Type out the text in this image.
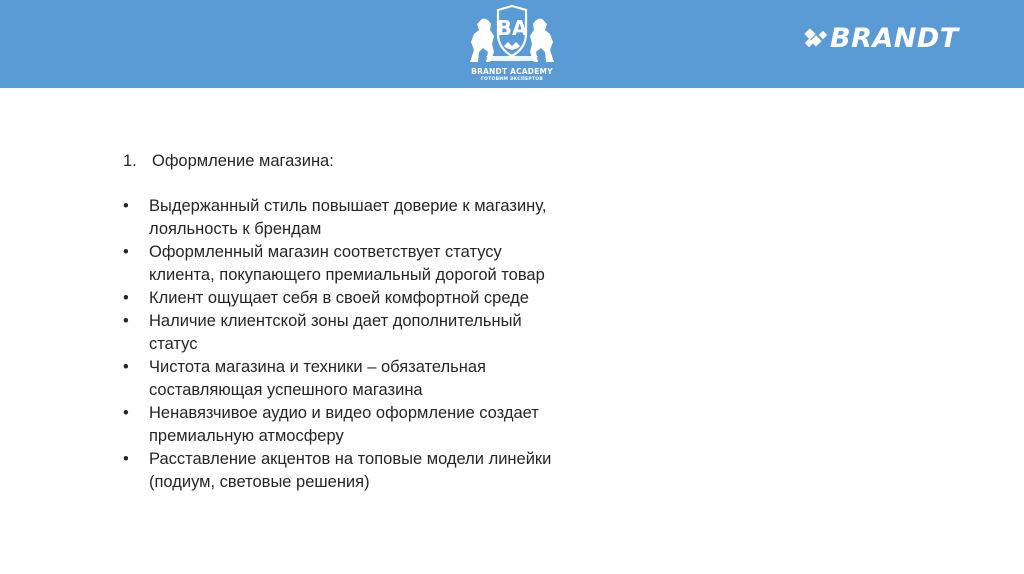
BA
BRANDT ACADEMY
ГОТОВИМ ЭКСПЕРТОВ
BRANDT
1. Оформление магазина:
•	Выдержанный стиль повышает доверие к магазину, лояльность к брендам
•	Оформленный магазин соответствует статусу клиента, покупающего премиальный дорогой товар
•	Клиент ощущает себя в своей комфортной среде
•	Наличие клиентской зоны дает дополнительный статус
•	Чистота магазина и техники – обязательная составляющая успешного магазина
•	Ненавязчивое аудио и видео оформление создает премиальную атмосферу
•	Расставление акцентов на топовые модели линейки (подиум, световые решения)
